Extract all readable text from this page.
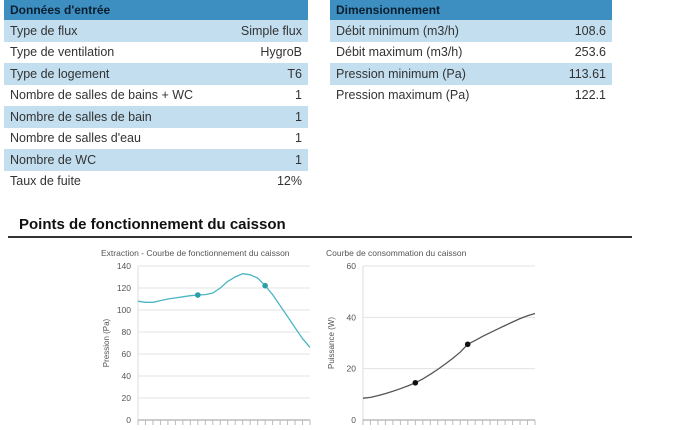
Données d'entrée	
Type de flux	Simple flux
Type de ventilation	HygroB
Type de logement	T6
Nombre de salles de bains + WC	1
Nombre de salles de bain	1
Nombre de salles d'eau	1
Nombre de WC	1
Taux de fuite	12%
Dimensionnement	
Débit minimum (m3/h)	108.6
Débit maximum (m3/h)	253.6
Pression minimum (Pa)	113.61
Pression maximum (Pa)	122.1
Points de fonctionnement du caisson
Extraction - Courbe de fonctionnement du caisson
0
20
40
60
80
100
120
140
Pression (Pa)
Courbe de consommation du caisson
0
20
40
60
Puissance (W)
